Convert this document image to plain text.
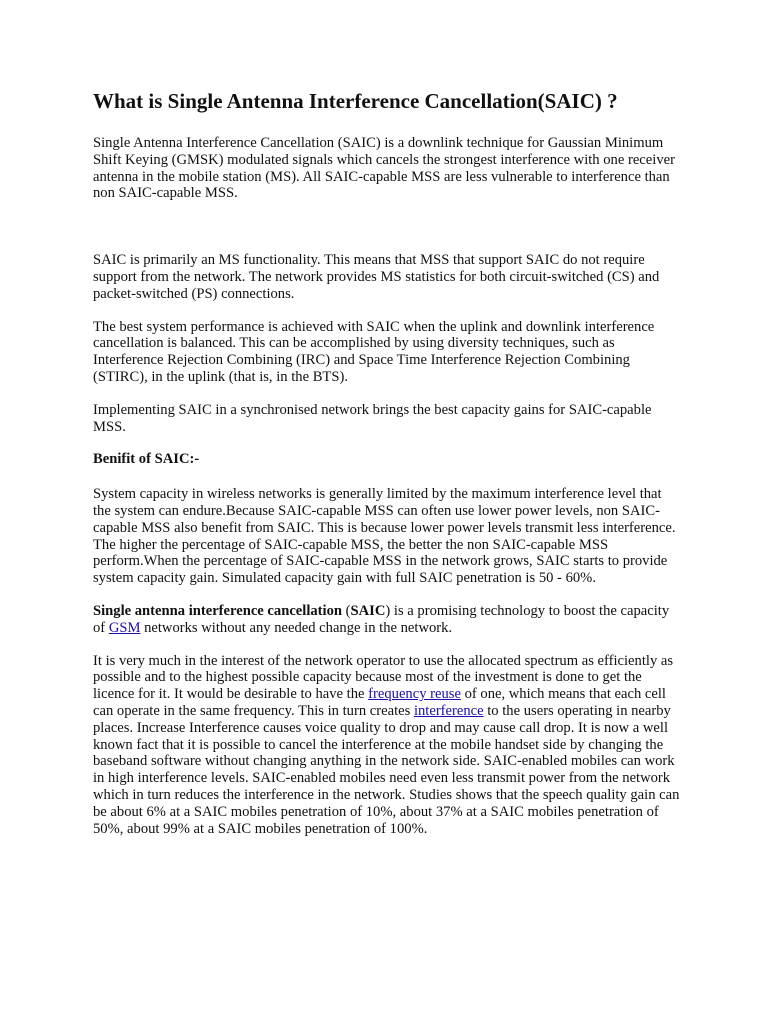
What is Single Antenna Interference Cancellation(SAIC) ?

Single Antenna Interference Cancellation (SAIC) is a downlink technique for Gaussian Minimum Shift Keying (GMSK) modulated signals which cancels the strongest interference with one receiver antenna in the mobile station (MS). All SAIC-capable MSS are less vulnerable to interference than non SAIC-capable MSS.

SAIC is primarily an MS functionality. This means that MSS that support SAIC do not require support from the network. The network provides MS statistics for both circuit-switched (CS) and packet-switched (PS) connections.

The best system performance is achieved with SAIC when the uplink and downlink interference cancellation is balanced. This can be accomplished by using diversity techniques, such as Interference Rejection Combining (IRC) and Space Time Interference Rejection Combining (STIRC), in the uplink (that is, in the BTS).

Implementing SAIC in a synchronised network brings the best capacity gains for SAIC-capable MSS.

Benifit of SAIC:-

System capacity in wireless networks is generally limited by the maximum interference level that the system can endure.Because SAIC-capable MSS can often use lower power levels, non SAIC-capable MSS also benefit from SAIC. This is because lower power levels transmit less interference. The higher the percentage of SAIC-capable MSS, the better the non SAIC-capable MSS perform.When the percentage of SAIC-capable MSS in the network grows, SAIC starts to provide system capacity gain. Simulated capacity gain with full SAIC penetration is 50 - 60%.

Single antenna interference cancellation (SAIC) is a promising technology to boost the capacity of GSM networks without any needed change in the network.

It is very much in the interest of the network operator to use the allocated spectrum as efficiently as possible and to the highest possible capacity because most of the investment is done to get the licence for it. It would be desirable to have the frequency reuse of one, which means that each cell can operate in the same frequency. This in turn creates interference to the users operating in nearby places. Increase Interference causes voice quality to drop and may cause call drop. It is now a well known fact that it is possible to cancel the interference at the mobile handset side by changing the baseband software without changing anything in the network side. SAIC-enabled mobiles can work in high interference levels. SAIC-enabled mobiles need even less transmit power from the network which in turn reduces the interference in the network. Studies shows that the speech quality gain can be about 6% at a SAIC mobiles penetration of 10%, about 37% at a SAIC mobiles penetration of 50%, about 99% at a SAIC mobiles penetration of 100%.
